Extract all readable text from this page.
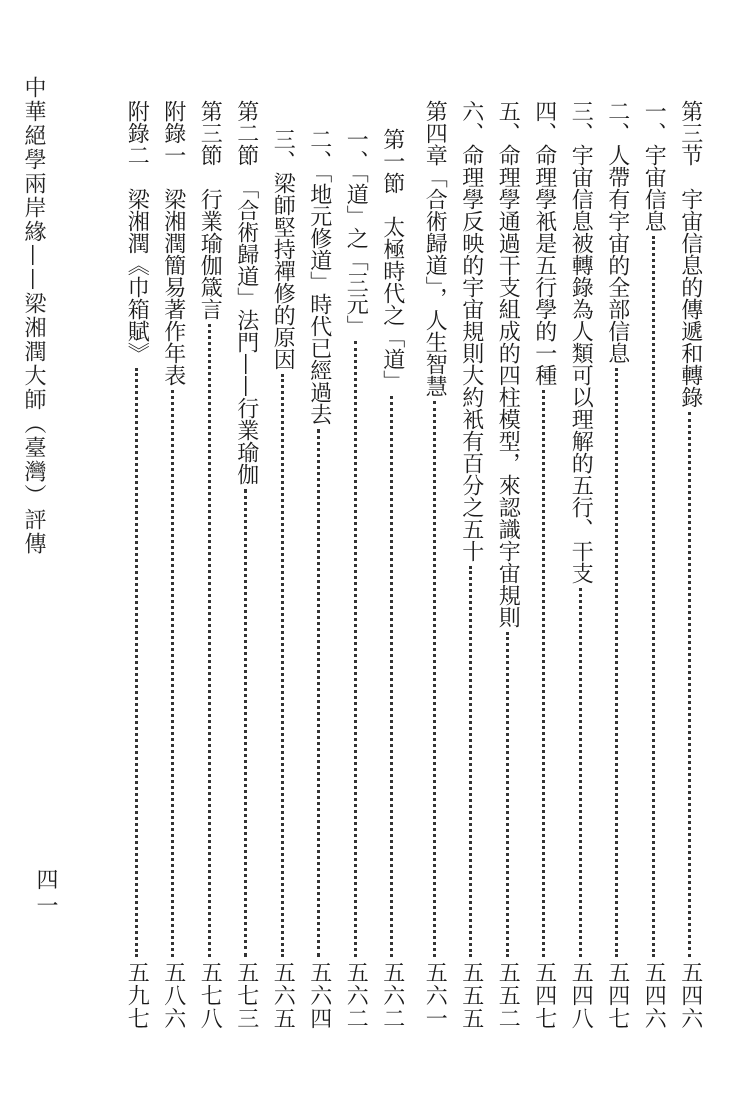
中華絕學兩岸緣——梁湘潤大師（臺灣）評傳	第三节　宇宙信息的傳遞和轉錄
五四六
一、宇宙信息
五四六
二、人帶有宇宙的全部信息
五四七
三、宇宙信息被轉錄為人類可以理解的五行、干支
五四八
四、命理學衹是五行學的一種
五四七
五、命理學通過干支組成的四柱模型，來認識宇宙規則
五五二
六、命理學反映的宇宙規則大約衹有百分之五十
五五五
第四章「合術歸道」，人生智慧
五六一
第一節　太極時代之「道」
五六二
一、「道」之「三元」
五六二
二、「地元修道」時代已經過去
五六四
三、梁師堅持禪修的原因
五六五
第二節　「合術歸道」法門——行業瑜伽
五七三
第三節　行業瑜伽箴言
五七八
附錄一　梁湘潤簡易著作年表
五八六
附錄二　梁湘潤《巾箱賦》
五九七
四一
